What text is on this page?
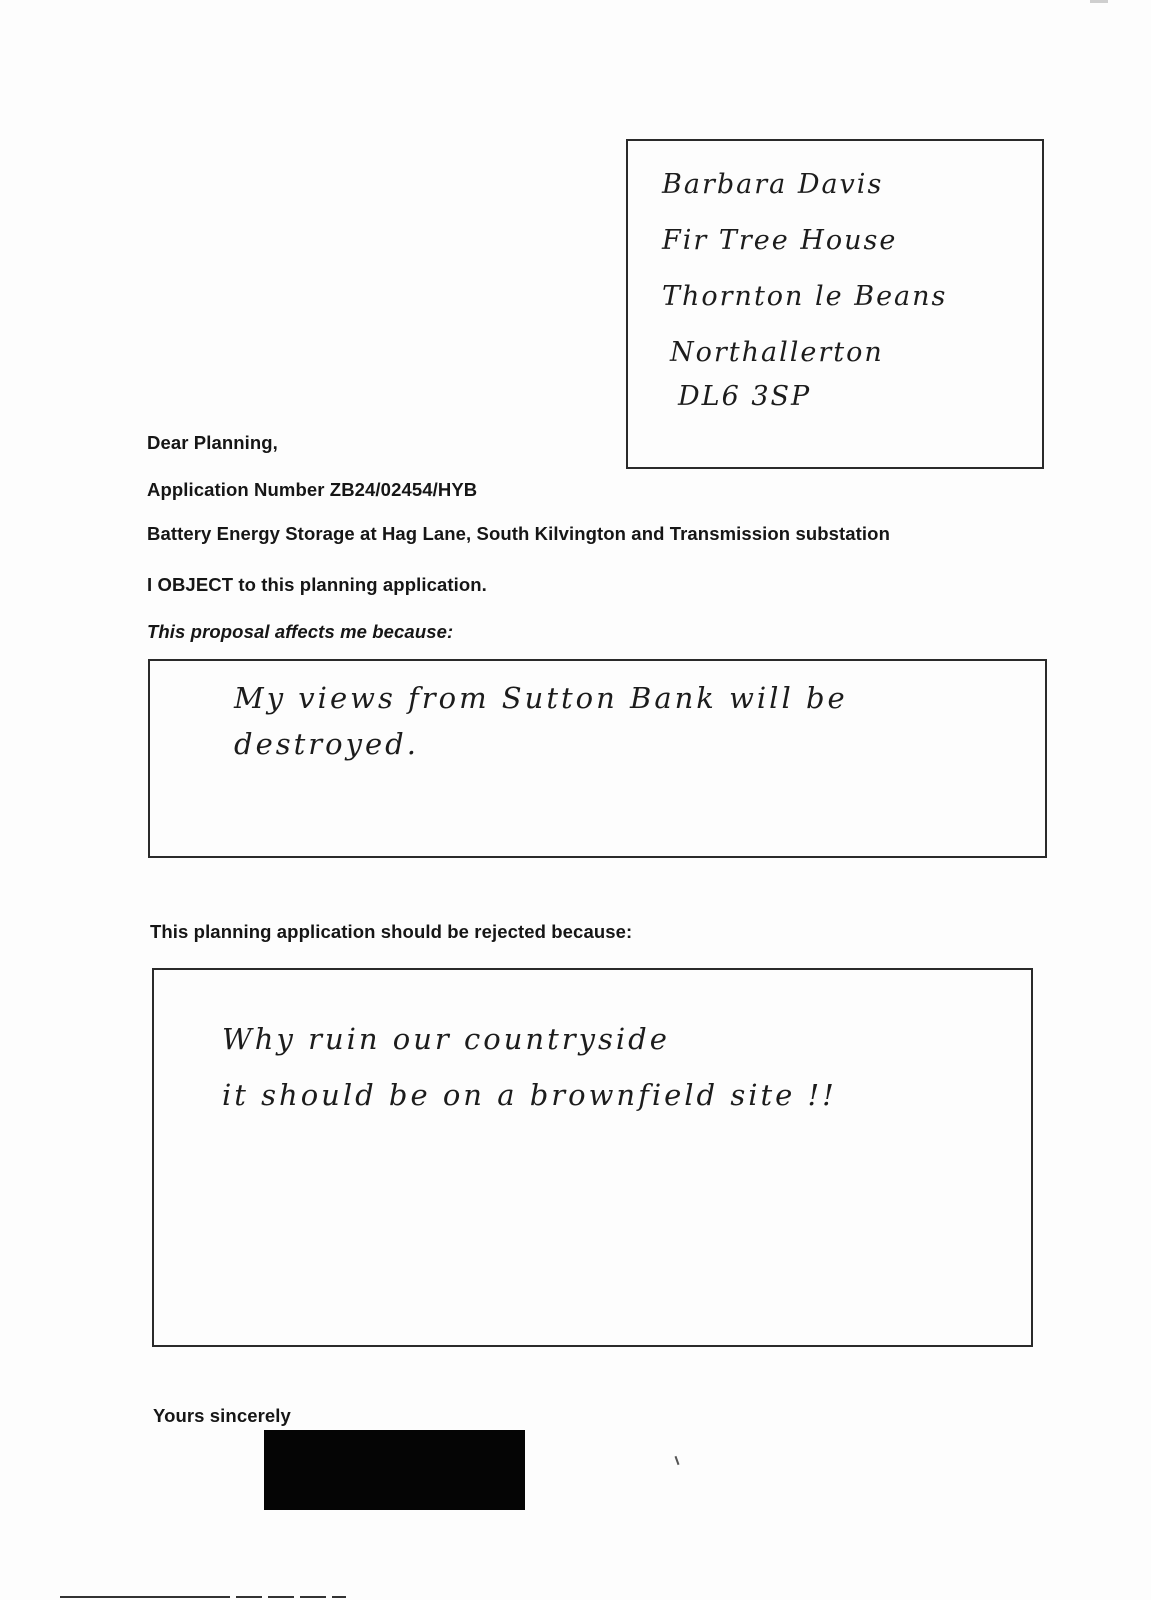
Barbara Davis
Fir Tree House
Thornton le Beans
Northallerton
DL6 3SP
Dear Planning,
Application Number ZB24/02454/HYB
Battery Energy Storage at Hag Lane, South Kilvington and Transmission substation
I OBJECT to this planning application.
This proposal affects me because:
My views from Sutton Bank will be
destroyed.
This planning application should be rejected because:
Why ruin our countryside
it should be on a brownfield site !!
Yours sincerely
